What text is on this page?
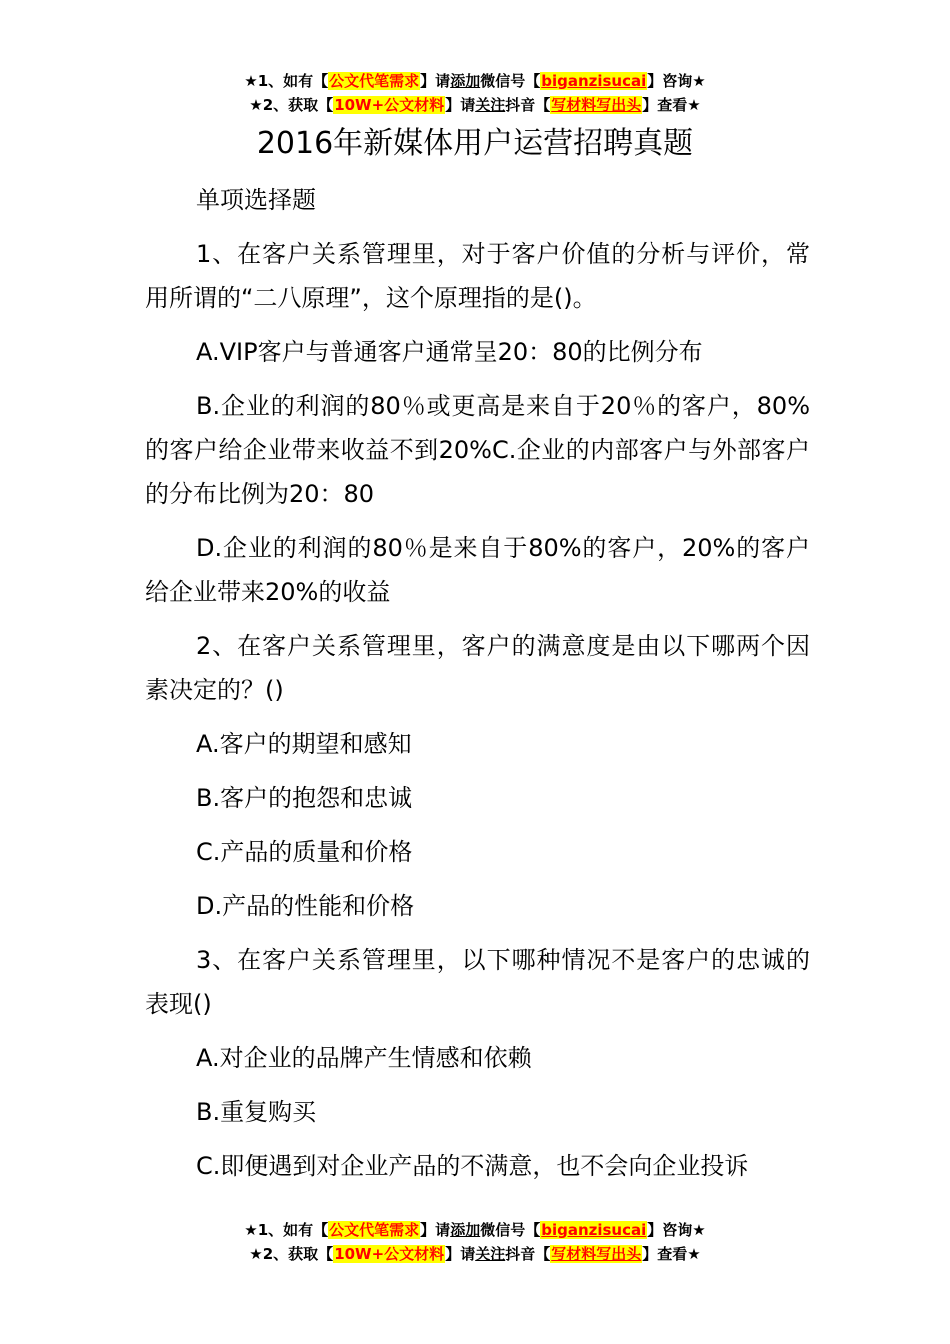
★1、如有【公文代笔需求】请添加微信号【biganzisucai】咨询★
★2、获取【10W+公文材料】请关注抖音【写材料写出头】查看★
2016年新媒体用户运营招聘真题

单项选择题

1、在客户关系管理里，对于客户价值的分析与评价，常用所谓的“二八原理”，这个原理指的是()。

A.VIP客户与普通客户通常呈20：80的比例分布

B.企业的利润的80％或更高是来自于20％的客户，80%的客户给企业带来收益不到20%C.企业的内部客户与外部客户的分布比例为20：80

D.企业的利润的80％是来自于80%的客户，20%的客户给企业带来20%的收益

2、在客户关系管理里，客户的满意度是由以下哪两个因素决定的？()

A.客户的期望和感知

B.客户的抱怨和忠诚

C.产品的质量和价格

D.产品的性能和价格

3、在客户关系管理里，以下哪种情况不是客户的忠诚的表现()

A.对企业的品牌产生情感和依赖

B.重复购买

C.即便遇到对企业产品的不满意，也不会向企业投诉

★1、如有【公文代笔需求】请添加微信号【biganzisucai】咨询★
★2、获取【10W+公文材料】请关注抖音【写材料写出头】查看★
